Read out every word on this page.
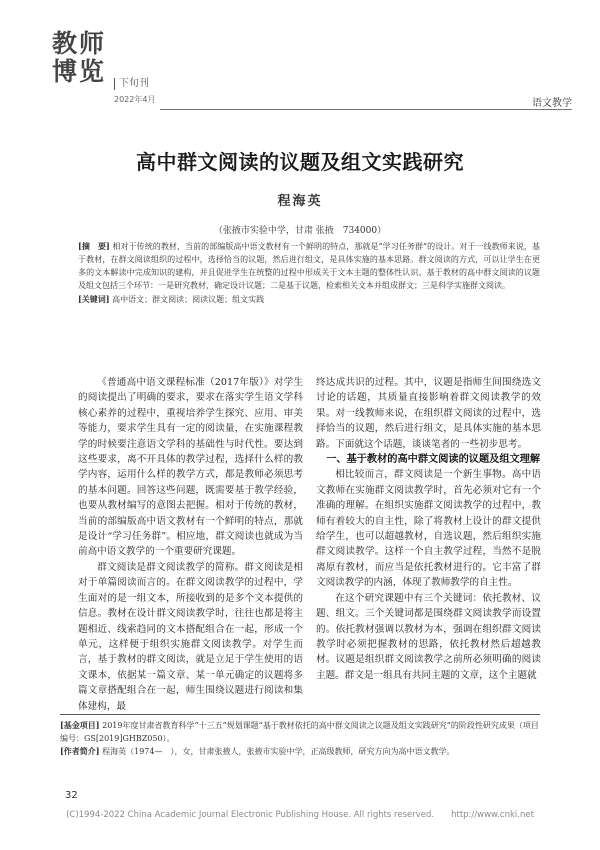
教师
博览	下旬刊
2022年4月	语文教学
高中群文阅读的议题及组文实践研究
程海英
（张掖市实验中学，甘肃 张掖　734000）
[摘　要] 相对于传统的教材，当前的部编版高中语文教材有一个鲜明的特点，那就是“学习任务群”的设计。对于一线教师来说，基于教材，在群文阅读组织的过程中，选择恰当的议题，然后进行组文，是具体实施的基本思路。群文阅读的方式，可以让学生在更多的文本解读中完成知识的建构，并且促进学生在统整的过程中形成关于文本主题的整体性认识。基于教材的高中群文阅读的议题及组文包括三个环节：一是研究教材，确定设计议题；二是基于议题，检索相关文本并组成群文；三是科学实施群文阅读。
[关键词] 高中语文；群文阅读；阅读议题；组文实践

《普通高中语文课程标准（2017年版）》对学生的阅读提出了明确的要求，要求在落实学生语文学科核心素养的过程中，重视培养学生探究、应用、审美等能力，要求学生具有一定的阅读量，在实施课程教学的时候要注意语文学科的基础性与时代性。要达到这些要求，离不开具体的教学过程，选择什么样的教学内容，运用什么样的教学方式，都是教师必须思考的基本问题。回答这些问题，既需要基于教学经验，也要从教材编写的意图去把握。相对于传统的教材，当前的部编版高中语文教材有一个鲜明的特点，那就是设计“学习任务群”。相应地，群文阅读也就成为当前高中语文教学的一个重要研究课题。

群文阅读是群文阅读教学的简称。群文阅读是相对于单篇阅读而言的。在群文阅读教学的过程中，学生面对的是一组文本，所接收到的是多个文本提供的信息。教材在设计群文阅读教学时，往往也都是将主题相近、线索趋同的文本搭配组合在一起，形成一个单元，这样便于组织实施群文阅读教学。对学生而言，基于教材的群文阅读，就是立足于学生使用的语文课本，依据某一篇文章、某一单元确定的议题将多篇文章搭配组合在一起，师生围绕议题进行阅读和集体建构，最

终达成共识的过程。其中，议题是指师生间围绕选文讨论的话题，其质量直接影响着群文阅读教学的效果。对一线教师来说，在组织群文阅读的过程中，选择恰当的议题，然后进行组文，是具体实施的基本思路。下面就这个话题，谈谈笔者的一些初步思考。

一、基于教材的高中群文阅读的议题及组文理解

相比较而言，群文阅读是一个新生事物。高中语文教师在实施群文阅读教学时，首先必须对它有一个准确的理解。在组织实施群文阅读教学的过程中，教师有着较大的自主性，除了将教材上设计的群文提供给学生，也可以超越教材，自选议题，然后组织实施群文阅读教学。这样一个自主教学过程，当然不是脱离原有教材，而应当是依托教材进行的。它丰富了群文阅读教学的内涵，体现了教师教学的自主性。

在这个研究课题中有三个关键词：依托教材、议题、组文。三个关键词都是围绕群文阅读教学而设置的。依托教材强调以教材为本，强调在组织群文阅读教学时必须把握教材的思路，依托教材然后超越教材。议题是组织群文阅读教学之前所必须明确的阅读主题。群文是一组具有共同主题的文章，这个主题就

[基金项目] 2019年度甘肃省教育科学“十三五”规划课题“基于教材依托的高中群文阅读之议题及组文实践研究”的阶段性研究成果（项目编号：GS[2019]GHBZ050）。
[作者简介] 程海英（1974—　），女，甘肃张掖人，张掖市实验中学，正高级教师，研究方向为高中语文教学。
32
(C)1994-2022 China Academic Journal Electronic Publishing House. All rights reserved.　　http://www.cnki.net
